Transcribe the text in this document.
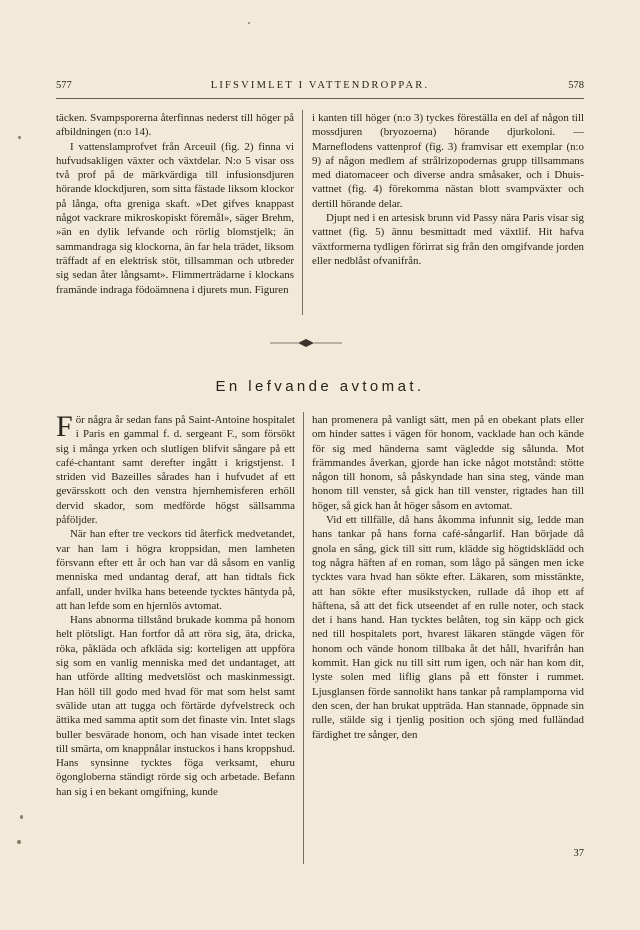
577	LIFSVIMLET I VATTENDROPPAR.	578

täcken. Svampsporerna återfinnas nederst till höger på afbildningen (n:o 14).

I vattenslamprofvet från Arceuil (fig. 2) finna vi hufvudsakligen växter och växtdelar. N:o 5 visar oss två prof på de märkvärdiga till infusionsdjuren hörande klockdjuren, som sitta fästade liksom klockor på långa, ofta greniga skaft. »Det gifves knappast något vackrare mikroskopiskt föremål», säger Brehm, »än en dylik lefvande och rörlig blomstjelk; än sammandraga sig klockorna, än far hela trädet, liksom träffadt af en elektrisk stöt, tillsamman och utbreder sig sedan åter långsamt». Flimmerträdarne i klockans framände indraga födoämnena i djurets mun. Figuren

i kanten till höger (n:o 3) tyckes föreställa en del af någon till mossdjuren (bryozoerna) hörande djurkoloni. — Marneflodens vattenprof (fig. 3) framvisar ett exemplar (n:o 9) af någon medlem af strålrizopodernas grupp tillsammans med diatomaceer och diverse andra småsaker, och i Dhuis-vattnet (fig. 4) förekomma nästan blott svampväxter och dertill hörande delar.

Djupt ned i en artesisk brunn vid Passy nära Paris visar sig vattnet (fig. 5) ännu besmittadt med växtlif. Hit hafva växtformerna tydligen förirrat sig från den omgifvande jorden eller nedblåst ofvanifrån.

En lefvande avtomat.

För några år sedan fans på Saint-Antoine hospitalet i Paris en gammal f. d. sergeant F., som försökt sig i många yrken och slutligen blifvit sångare på ett café-chantant samt derefter ingått i krigstjenst. I striden vid Bazeilles sårades han i hufvudet af ett gevärsskott och den venstra hjernhemisferen erhöll dervid skador, som medförde högst sällsamma påföljder.

När han efter tre veckors tid återfick medvetandet, var han lam i högra kroppsidan, men lamheten försvann efter ett år och han var då såsom en vanlig menniska med undantag deraf, att han tidtals fick anfall, under hvilka hans beteende tycktes häntyda på, att han lefde som en hjernlös avtomat.

Hans abnorma tillstånd brukade komma på honom helt plötsligt. Han fortfor då att röra sig, äta, dricka, röka, påkläda och afkläda sig: korteligen att uppföra sig som en vanlig menniska med det undantaget, att han utförde allting medvetslöst och maskinmessigt. Han höll till godo med hvad för mat som helst samt svälide utan att tugga och förtärde dyfvelstreck och ättika med samma aptit som det finaste vin. Intet slags buller besvärade honom, och han visade intet tecken till smärta, om knappnålar instuckos i hans kroppshud. Hans synsinne tycktes föga verksamt, ehuru ögongloberna ständigt rörde sig och arbetade. Befann han sig i en bekant omgifning, kunde

han promenera på vanligt sätt, men på en obekant plats eller om hinder sattes i vägen för honom, vacklade han och kände för sig med händerna samt vägledde sig sålunda. Mot främmandes åverkan, gjorde han icke något motstånd: stötte någon till honom, så påskyndade han sina steg, vände man honom till venster, så gick han till venster, rigtades han till höger, så gick han åt höger såsom en avtomat.

Vid ett tillfälle, då hans åkomma infunnit sig, ledde man hans tankar på hans forna café-sångarlif. Han började då gnola en sång, gick till sitt rum, klädde sig högtidsklädd och tog några häften af en roman, som lågo på sängen men icke tycktes vara hvad han sökte efter. Läkaren, som misstänkte, att han sökte efter musikstycken, rullade då ihop ett af häftena, så att det fick utseendet af en rulle noter, och stack det i hans hand. Han tycktes belåten, tog sin käpp och gick ned till hospitalets port, hvarest läkaren stängde vägen för honom och vände honom tillbaka åt det håll, hvarifrån han kommit. Han gick nu till sitt rum igen, och när han kom dit, lyste solen med liflig glans på ett fönster i rummet. Ljusglansen förde sannolikt hans tankar på ramplamporna vid den scen, der han brukat uppträda. Han stannade, öppnade sin rulle, stälde sig i tjenlig position och sjöng med fulländad färdighet tre sånger, den

37
